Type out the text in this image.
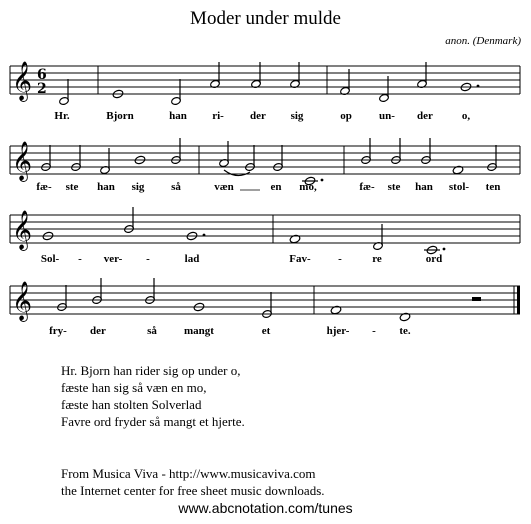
Moder under mulde
anon. (Denmark)
𝄞 6
2
Hr.	Bjorn	han ri- der sig	op un- der	o,
𝄞
fæ- ste han sig så	væn	en mo,	fæ- ste han stol- ten
𝄞
Sol- - ver- -	lad	Fav- -	re	ord
𝄞
fry- der	så mangt	et	hjer- - te.
Hr. Bjorn han rider sig op under o,
fæste han sig så væn en mo,
fæste han stolten Solverlad
Favre ord fryder så mangt et hjerte.
From Musica Viva - http://www.musicaviva.com
the Internet center for free sheet music downloads.
www.abcnotation.com/tunes
